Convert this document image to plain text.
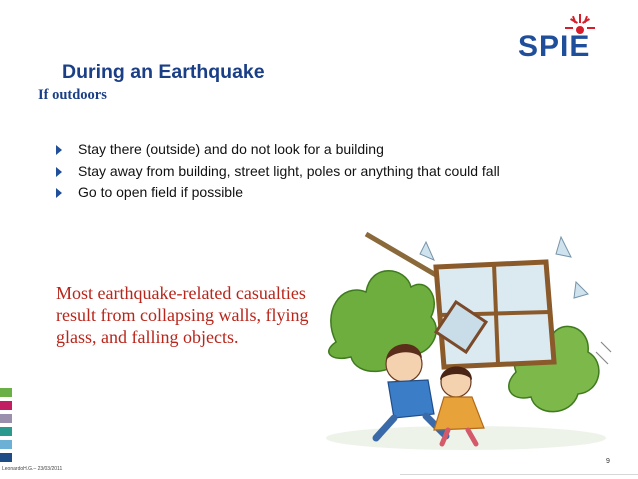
SPIE
During an Earthquake
If outdoors
Stay there (outside) and do not look for a building
Stay away from building, street light, poles or anything that could fall
Go to open field if possible
Most earthquake-related casualties result from collapsing walls, flying glass, and falling objects.
LeonardoH.G.– 23/03/2011
9
